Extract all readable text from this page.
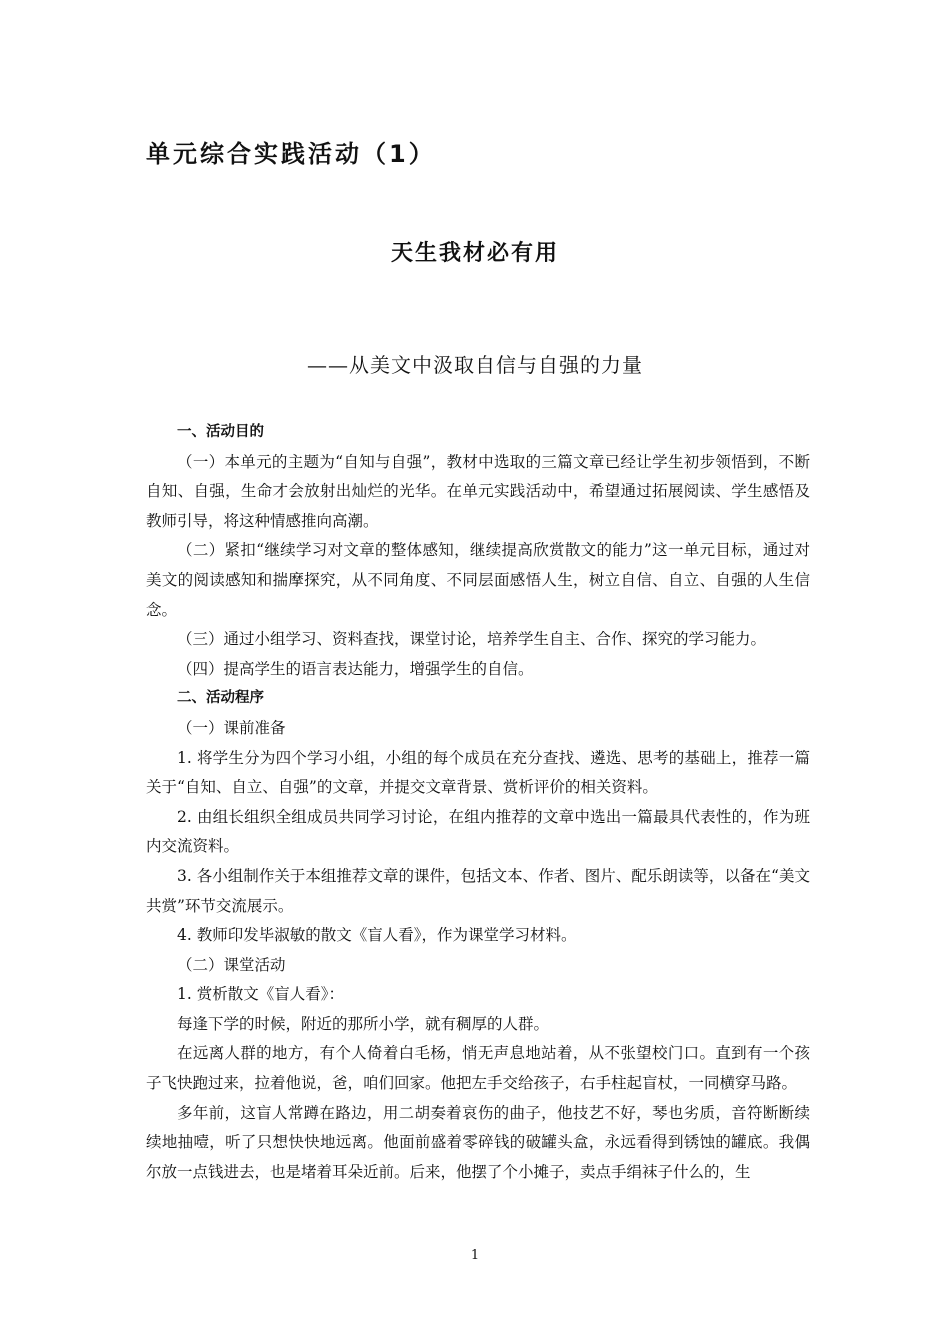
单元综合实践活动（1）
天生我材必有用
——从美文中汲取自信与自强的力量

一、活动目的

（一）本单元的主题为“自知与自强”，教材中选取的三篇文章已经让学生初步领悟到，不断自知、自强，生命才会放射出灿烂的光华。在单元实践活动中，希望通过拓展阅读、学生感悟及教师引导，将这种情感推向高潮。

（二）紧扣“继续学习对文章的整体感知，继续提高欣赏散文的能力”这一单元目标，通过对美文的阅读感知和揣摩探究，从不同角度、不同层面感悟人生，树立自信、自立、自强的人生信念。

（三）通过小组学习、资料查找，课堂讨论，培养学生自主、合作、探究的学习能力。

（四）提高学生的语言表达能力，增强学生的自信。

二、活动程序

（一）课前准备

1. 将学生分为四个学习小组，小组的每个成员在充分查找、遴选、思考的基础上，推荐一篇关于“自知、自立、自强”的文章，并提交文章背景、赏析评价的相关资料。

2. 由组长组织全组成员共同学习讨论，在组内推荐的文章中选出一篇最具代表性的，作为班内交流资料。

3. 各小组制作关于本组推荐文章的课件，包括文本、作者、图片、配乐朗读等，以备在“美文共赏”环节交流展示。

4. 教师印发毕淑敏的散文《盲人看》，作为课堂学习材料。

（二）课堂活动

1. 赏析散文《盲人看》：

每逢下学的时候，附近的那所小学，就有稠厚的人群。

在远离人群的地方，有个人倚着白毛杨，悄无声息地站着，从不张望校门口。直到有一个孩子飞快跑过来，拉着他说，爸，咱们回家。他把左手交给孩子，右手柱起盲杖，一同横穿马路。

多年前，这盲人常蹲在路边，用二胡奏着哀伤的曲子，他技艺不好，琴也劣质，音符断断续续地抽噎，听了只想快快地远离。他面前盛着零碎钱的破罐头盒，永远看得到锈蚀的罐底。我偶尔放一点钱进去，也是堵着耳朵近前。后来，他摆了个小摊子，卖点手绢袜子什么的，生

1
